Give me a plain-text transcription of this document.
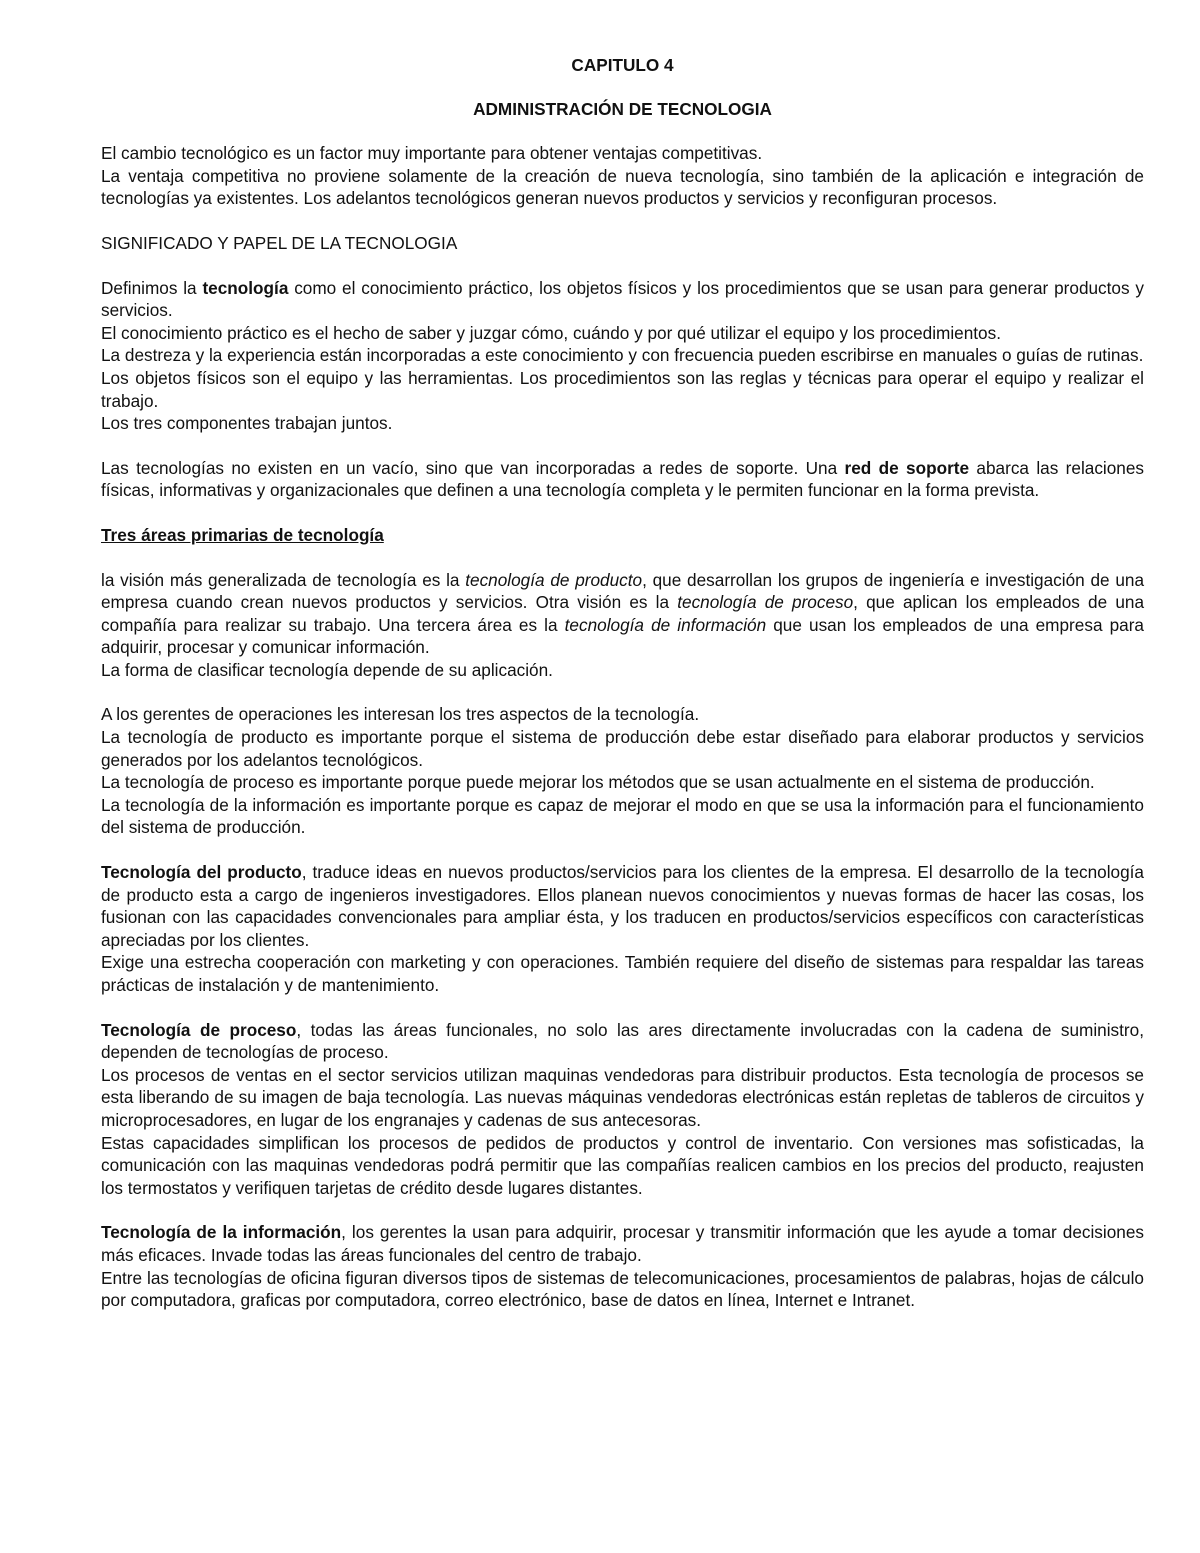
CAPITULO 4
ADMINISTRACIÓN DE TECNOLOGIA

El cambio tecnológico es un factor muy importante para obtener ventajas competitivas.

La ventaja competitiva no proviene solamente de la creación de nueva tecnología, sino también de la aplicación e integración de tecnologías ya existentes. Los adelantos tecnológicos generan nuevos productos y servicios y reconfiguran procesos.

SIGNIFICADO Y PAPEL DE LA TECNOLOGIA

Definimos la tecnología como el conocimiento práctico, los objetos físicos y los procedimientos que se usan para generar productos y servicios.

El conocimiento práctico es el hecho de saber y juzgar cómo, cuándo y por qué utilizar el equipo y los procedimientos.

La destreza y la experiencia están incorporadas a este conocimiento y con frecuencia pueden escribirse en manuales o guías de rutinas.

Los objetos físicos son el equipo y las herramientas. Los procedimientos son las reglas y técnicas para operar el equipo y realizar el trabajo.

Los tres componentes trabajan juntos.

Las tecnologías no existen en un vacío, sino que van incorporadas a redes de soporte. Una red de soporte abarca las relaciones físicas, informativas y organizacionales que definen a una tecnología completa y le permiten funcionar en la forma prevista.

Tres áreas primarias de tecnología

la visión más generalizada de tecnología es la tecnología de producto, que desarrollan los grupos de ingeniería e investigación de una empresa cuando crean nuevos productos y servicios. Otra visión es la tecnología de proceso, que aplican los empleados de una compañía para realizar su trabajo. Una tercera área es la tecnología de información que usan los empleados de una empresa para adquirir, procesar y comunicar información.

La forma de clasificar tecnología depende de su aplicación.

A los gerentes de operaciones les interesan los tres aspectos de la tecnología.

La tecnología de producto es importante porque el sistema de producción debe estar diseñado para elaborar productos y servicios generados por los adelantos tecnológicos.

La tecnología de proceso es importante porque puede mejorar los métodos que se usan actualmente en el sistema de producción.

La tecnología de la información es importante porque es capaz de mejorar el modo en que se usa la información para el funcionamiento del sistema de producción.

Tecnología del producto, traduce ideas en nuevos productos/servicios para los clientes de la empresa. El desarrollo de la tecnología de producto esta a cargo de ingenieros investigadores. Ellos planean nuevos conocimientos y nuevas formas de hacer las cosas, los fusionan con las capacidades convencionales para ampliar ésta, y los traducen en productos/servicios específicos con características apreciadas por los clientes.

Exige una estrecha cooperación con marketing y con operaciones. También requiere del diseño de sistemas para respaldar las tareas prácticas de instalación y de mantenimiento.

Tecnología de proceso, todas las áreas funcionales, no solo las ares directamente involucradas con la cadena de suministro, dependen de tecnologías de proceso.

Los procesos de ventas en el sector servicios utilizan maquinas vendedoras para distribuir productos. Esta tecnología de procesos se esta liberando de su imagen de baja tecnología. Las nuevas máquinas vendedoras electrónicas están repletas de tableros de circuitos y microprocesadores, en lugar de los engranajes y cadenas de sus antecesoras.

Estas capacidades simplifican los procesos de pedidos de productos y control de inventario. Con versiones mas sofisticadas, la comunicación con las maquinas vendedoras podrá permitir que las compañías realicen cambios en los precios del producto, reajusten los termostatos y verifiquen tarjetas de crédito desde lugares distantes.

Tecnología de la información, los gerentes la usan para adquirir, procesar y transmitir información que les ayude a tomar decisiones más eficaces. Invade todas las áreas funcionales del centro de trabajo.

Entre las tecnologías de oficina figuran diversos tipos de sistemas de telecomunicaciones, procesamientos de palabras, hojas de cálculo por computadora, graficas por computadora, correo electrónico, base de datos en línea, Internet e Intranet.
